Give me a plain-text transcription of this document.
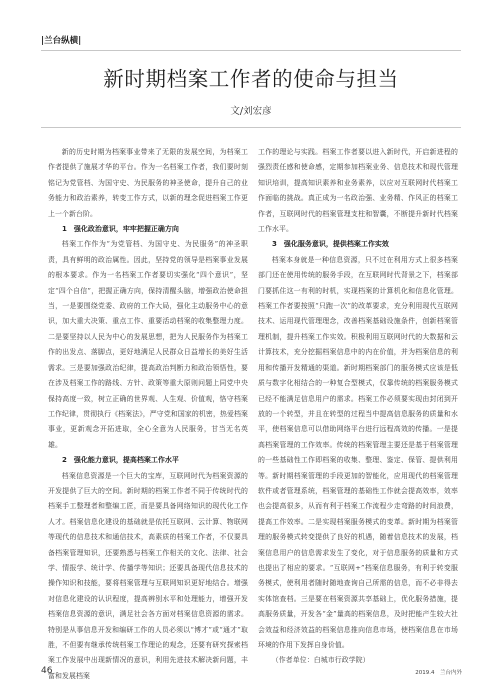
|兰台纵横|
新时期档案工作者的使命与担当
文/刘宏彦

新的历史时期为档案事业带来了无限的发展空间，为档案工作者提供了施展才华的平台。作为一名档案工作者，我们要时刻铭记为党管档、为国守史、为民服务的神圣使命，提升自己的业务能力和政治素养，转变工作方式，以新的理念促进档案工作更上一个新台阶。

1　强化政治意识，牢牢把握正确方向

档案工作作为“为党管档、为国守史、为民服务”的神圣职责，具有鲜明的政治属性。因此，坚持党的领导是档案事业发展的根本要求。作为一名档案工作者要切实强化“四个意识”，坚定“四个自信”，把握正确方向，保持清醒头脑，增强政治使命担当，一是要围绕党委、政府的工作大局，强化主动服务中心的意识，加大重大决策、重点工作、重要活动档案的收集整理力度。二是要坚持以人民为中心的发展思想，把为人民服务作为档案工作的出发点、落脚点，更好地满足人民群众日益增长的美好生活需求。三是要加强政治纪律，提高政治判断力和政治领悟性，要在涉及档案工作的路线、方针、政策等重大原则问题上同党中央保持高度一致，树立正确的世界观、人生观、价值观，恪守档案工作纪律，贯彻执行《档案法》，严守党和国家的机密，热爱档案事业，更新观念开拓进取，全心全意为人民服务，甘当无名英雄。

2　强化能力意识，提高档案工作水平

档案信息资源是一个巨大的宝库，互联网时代为档案资源的开发提供了巨大的空间。新时期的档案工作者不同于传统时代的档案手工整理者和整编工匠，而是要具备网络知识的现代化工作人才。档案信息化建设的基础就是依托互联网、云计算、物联网等现代的信息技术和通信技术，高素质的档案工作者，不仅要具备档案管理知识，还要熟悉与档案工作相关的文化、法律、社会学、情报学、统计学、传播学等知识；还要具备现代信息技术的操作知识和技能，要将档案管理与互联网知识更好地结合。增强对信息化建设的认识程度，提高辨别水平和处理能力，增强开发档案信息资源的意识，满足社会各方面对档案信息资源的需求。特别是从事信息开发和编研工作的人员必须以“博才”或“通才”取胜，不但要有继承传统档案工作理论的观念，还要有研究探索档案工作发展中出现新情况的意识，利用先进技术解决新问题，丰富和发展档案

工作的理论与实践。档案工作者要以进入新时代，开启新进程的强烈责任感和使命感，定期参加档案业务、信息技术和现代管理知识培训，提高知识素养和业务素养，以应对互联网时代档案工作面临的挑战。真正成为一名政治强、业务精、作风正的档案工作者，互联网时代的档案管理支柱和智囊，不断提升新时代档案工作水平。

3　强化服务意识，提供档案工作实效

档案本身就是一种信息资源，只不过在利用方式上很多档案部门还在使用传统的服务手段，在互联网时代背景之下，档案部门要抓住这一有利的时机，实现档案的计算机化和信息化管理。档案工作者要按照“只跑一次”的改革要求，充分利用现代互联网技术、运用现代管理理念，改善档案基础设施条件，创新档案管理机制，提升档案工作实效。积极利用互联网时代的大数据和云计算技术，充分挖掘档案信息中的内在价值，并为档案信息的利用和传播开发精通的渠道。新时期档案部门的服务模式应该是低质与数字化相结合的一种复合型模式，仅靠传统的档案服务模式已经不能满足信息用户的需求。档案工作必须要实现由封闭到开放的一个转型，并且在转型的过程当中提高信息服务的质量和水平，使档案信息可以借助网络平台进行远程高效的传播。一是提高档案管理的工作效率。传统的档案管理主要还是基于档案管理的一些基础性工作即档案的收集、整理、鉴定、保管、提供利用等。新时期档案管理的手段更加的智能化，应用现代的档案管理软件或者管理系统，档案管理的基础性工作就会提高效率，效率也会提高很多，从而有利于档案工作流程少走弯路的时间浪费，提高工作效率。二是实现档案服务模式的变革。新时期为档案管理的服务模式转变提供了良好的机遇，随着信息技术的发展，档案信息用户的信息需求发生了变化，对于信息服务的质量和方式也提出了相应的要求。“互联网+”档案信息服务，有利于转变服务模式，使利用者随时随地查询自己所需的信息，而不必非得去实体馆查档。三是要在档案资源共享基础上，优化服务措施，提高服务质量，开发各“金”量高的档案信息，及时把能产生较大社会效益和经济效益的档案信息推向信息市场，使档案信息在市场环境的作用下发挥自身价值。

（作者单位：白城市行政学院）

46	2019.4　兰台内外
